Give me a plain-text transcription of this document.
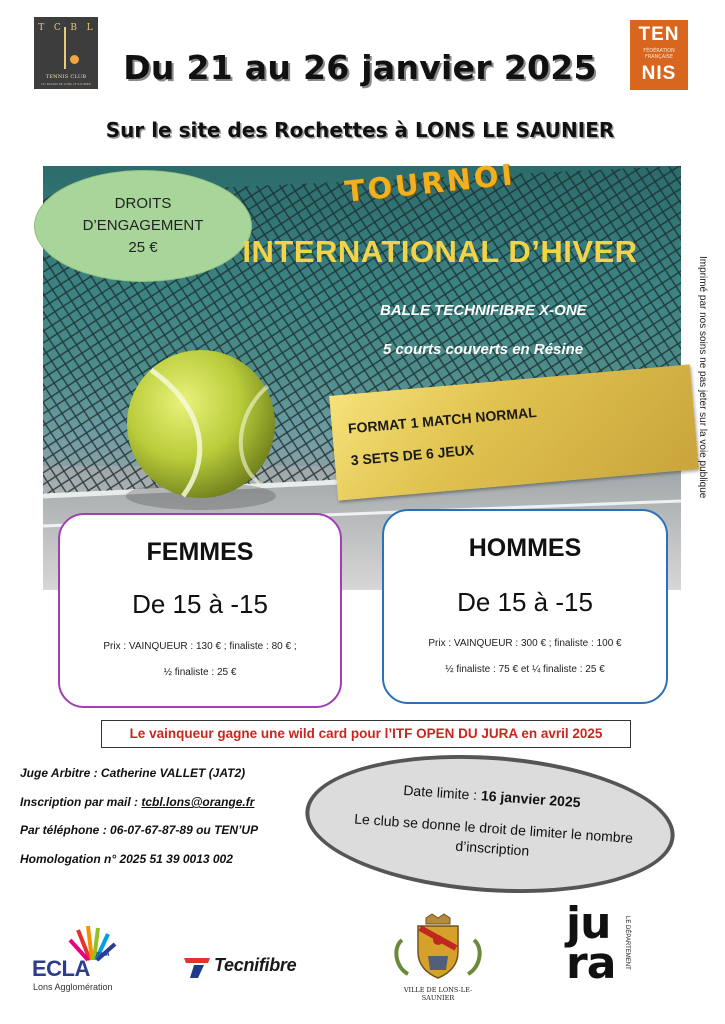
T C B L
TENNIS CLUB
DU BASSIN DE LONS LE SAUNIER
TEN
FÉDÉRATION
FRANÇAISE
NIS
Du 21 au 26 janvier 2025
Sur le site des Rochettes à LONS LE SAUNIER
DROITS
D’ENGAGEMENT
25 €
TOURNOI
INTERNATIONAL D’HIVER
BALLE TECHNIFIBRE X-ONE
5 courts couverts en Résine
FORMAT 1 MATCH NORMAL
3 SETS DE 6 JEUX
FEMMES
De 15 à -15
Prix : VAINQUEUR : 130 € ; finaliste : 80 € ;
½ finaliste : 25 €
HOMMES
De 15 à -15
Prix : VAINQUEUR : 300 € ; finaliste : 100 €
½ finaliste : 75 € et ¼ finaliste : 25 €
Le vainqueur gagne une wild card pour l’ITF OPEN DU JURA en avril 2025
Juge Arbitre : Catherine VALLET (JAT2)
Inscription par mail : tcbl.lons@orange.fr
Par téléphone : 06-07-67-87-89 ou TEN’UP
Homologation n° 2025 51 39 0013 002
Date limite : 16 janvier 2025
Le club se donne le droit de limiter le nombre d’inscription
Imprimé par nos soins ne pas jeter sur la voie publique
ECLA
JURA
Lons Agglomération
Tecnifibre
VILLE DE LONS-LE-SAUNIER
jura LE DÉPARTEMENT
